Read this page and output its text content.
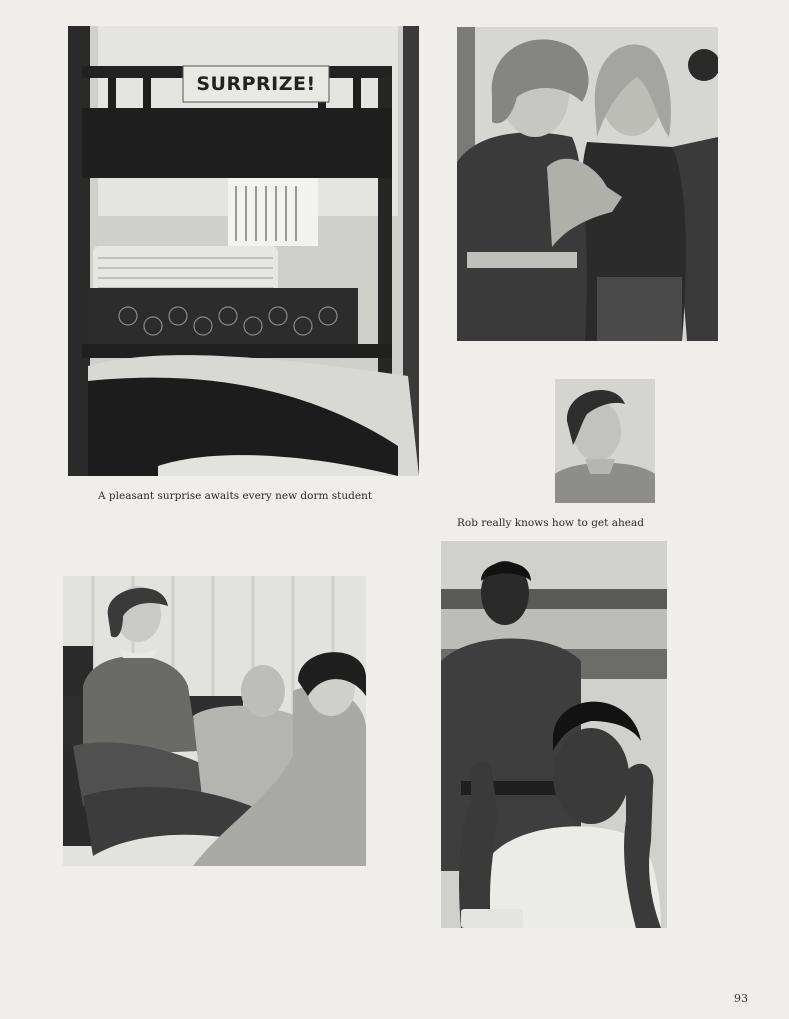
SURPRIZE!
A pleasant surprise awaits every new dorm student
Rob really knows how to get ahead
93
